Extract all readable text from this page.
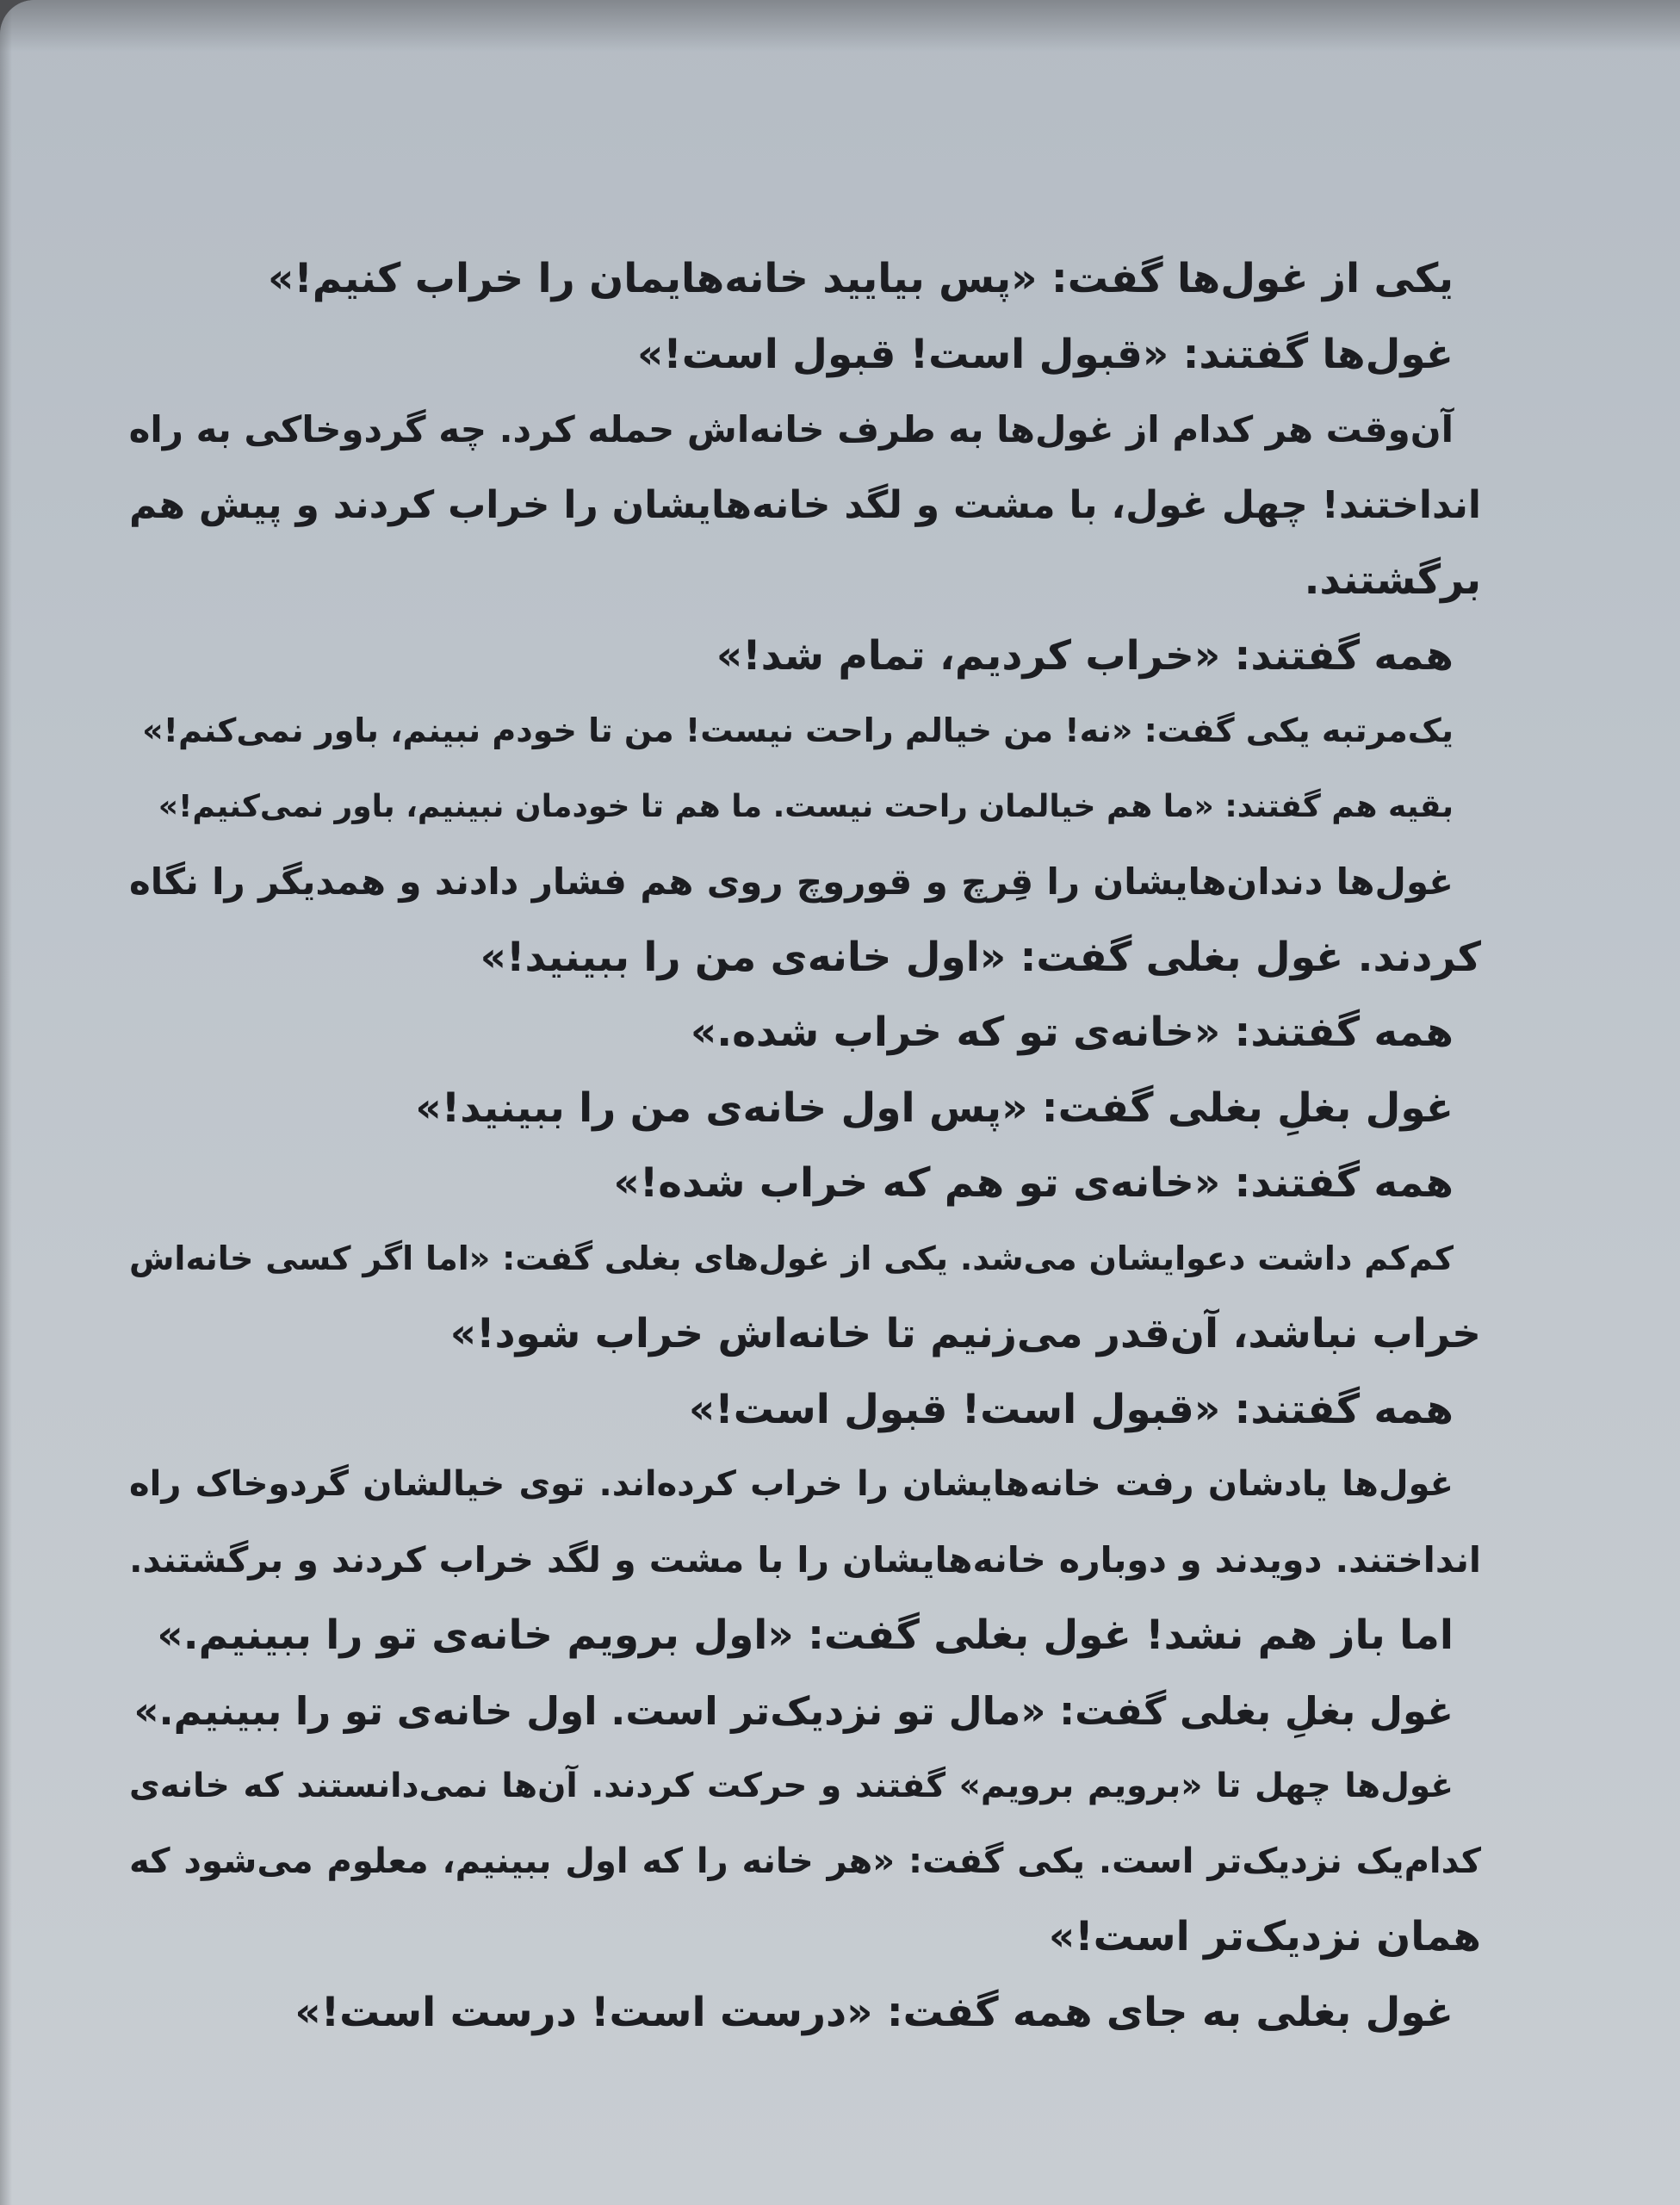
یکی از غول‌ها گفت: «پس بیایید خانه‌هایمان را خراب کنیم!»
غول‌ها گفتند: «قبول است! قبول است!»
آن‌وقت هر کدام از غول‌ها به طرف خانه‌اش حمله کرد. چه گردوخاکی به راه
انداختند! چهل غول، با مشت و لگد خانه‌هایشان را خراب کردند و پیش هم
برگشتند.
همه گفتند: «خراب کردیم، تمام شد!»
یک‌مرتبه یکی گفت: «نه! من خیالم راحت نیست! من تا خودم نبینم، باور نمی‌کنم!»
بقیه هم گفتند: «ما هم خیالمان راحت نیست. ما هم تا خودمان نبینیم، باور نمی‌کنیم!»
غول‌ها دندان‌هایشان را قِرچ و قوروچ روی هم فشار دادند و همدیگر را نگاه
کردند. غول بغلی گفت: «اول خانه‌ی من را ببینید!»
همه گفتند: «خانه‌ی تو که خراب شده.»
غول بغلِ بغلی گفت: «پس اول خانه‌ی من را ببینید!»
همه گفتند: «خانه‌ی تو هم که خراب شده!»
کم‌کم داشت دعوایشان می‌شد. یکی از غول‌های بغلی گفت: «اما اگر کسی خانه‌اش
خراب نباشد، آن‌قدر می‌زنیم تا خانه‌اش خراب شود!»
همه گفتند: «قبول است! قبول است!»
غول‌ها یادشان رفت خانه‌هایشان را خراب کرده‌اند. توی خیالشان گردوخاک راه
انداختند. دویدند و دوباره خانه‌هایشان را با مشت و لگد خراب کردند و برگشتند.
اما باز هم نشد! غول بغلی گفت: «اول برویم خانه‌ی تو را ببینیم.»
غول بغلِ بغلی گفت: «مال تو نزدیک‌تر است. اول خانه‌ی تو را ببینیم.»
غول‌ها چهل تا «برویم برویم» گفتند و حرکت کردند. آن‌ها نمی‌دانستند که خانه‌ی
کدام‌یک نزدیک‌تر است. یکی گفت: «هر خانه را که اول ببینیم، معلوم می‌شود که
همان نزدیک‌تر است!»
غول بغلی به جای همه گفت: «درست است! درست است!»
